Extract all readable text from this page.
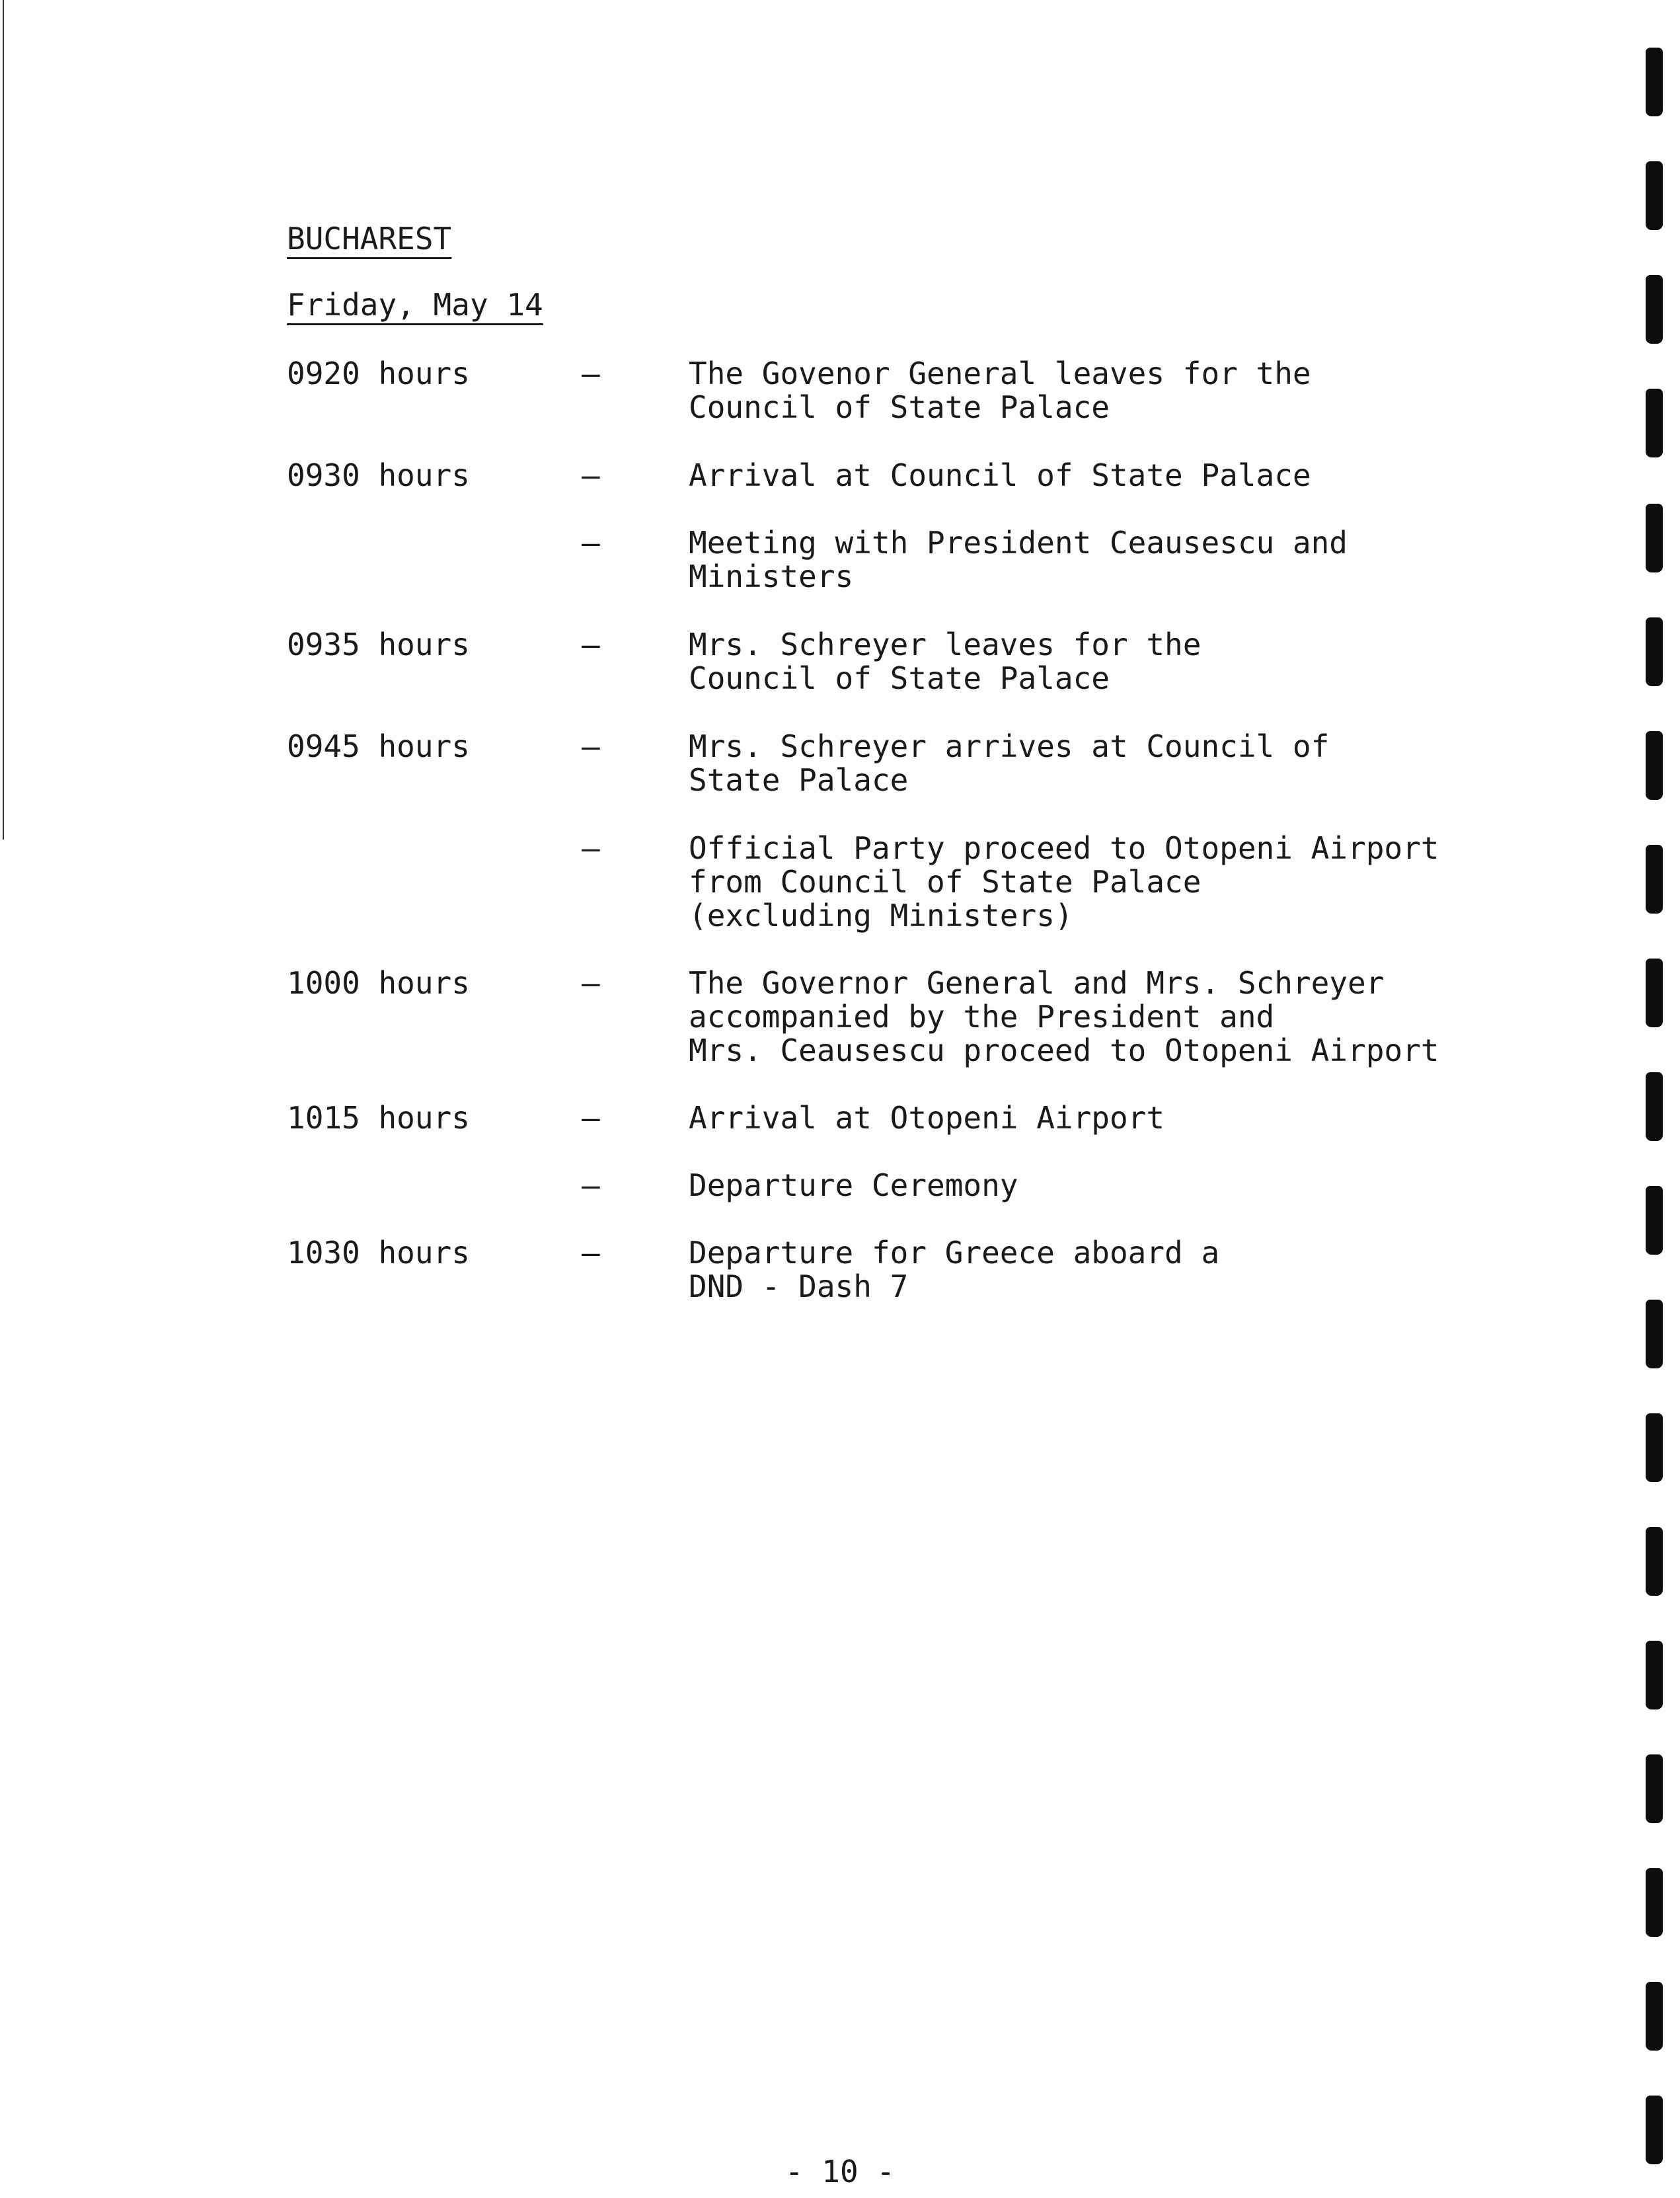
BUCHAREST
Friday, May 14
0920 hours	–	The Govenor General leaves for the
Council of State Palace
0930 hours	–	Arrival at Council of State Palace
–	Meeting with President Ceausescu and
Ministers
0935 hours	–	Mrs. Schreyer leaves for the
Council of State Palace
0945 hours	–	Mrs. Schreyer arrives at Council of
State Palace
–	Official Party proceed to Otopeni Airport
from Council of State Palace
(excluding Ministers)
1000 hours	–	The Governor General and Mrs. Schreyer
accompanied by the President and
Mrs. Ceausescu proceed to Otopeni Airport
1015 hours	–	Arrival at Otopeni Airport
–	Departure Ceremony
1030 hours	–	Departure for Greece aboard a
DND - Dash 7
- 10 -
